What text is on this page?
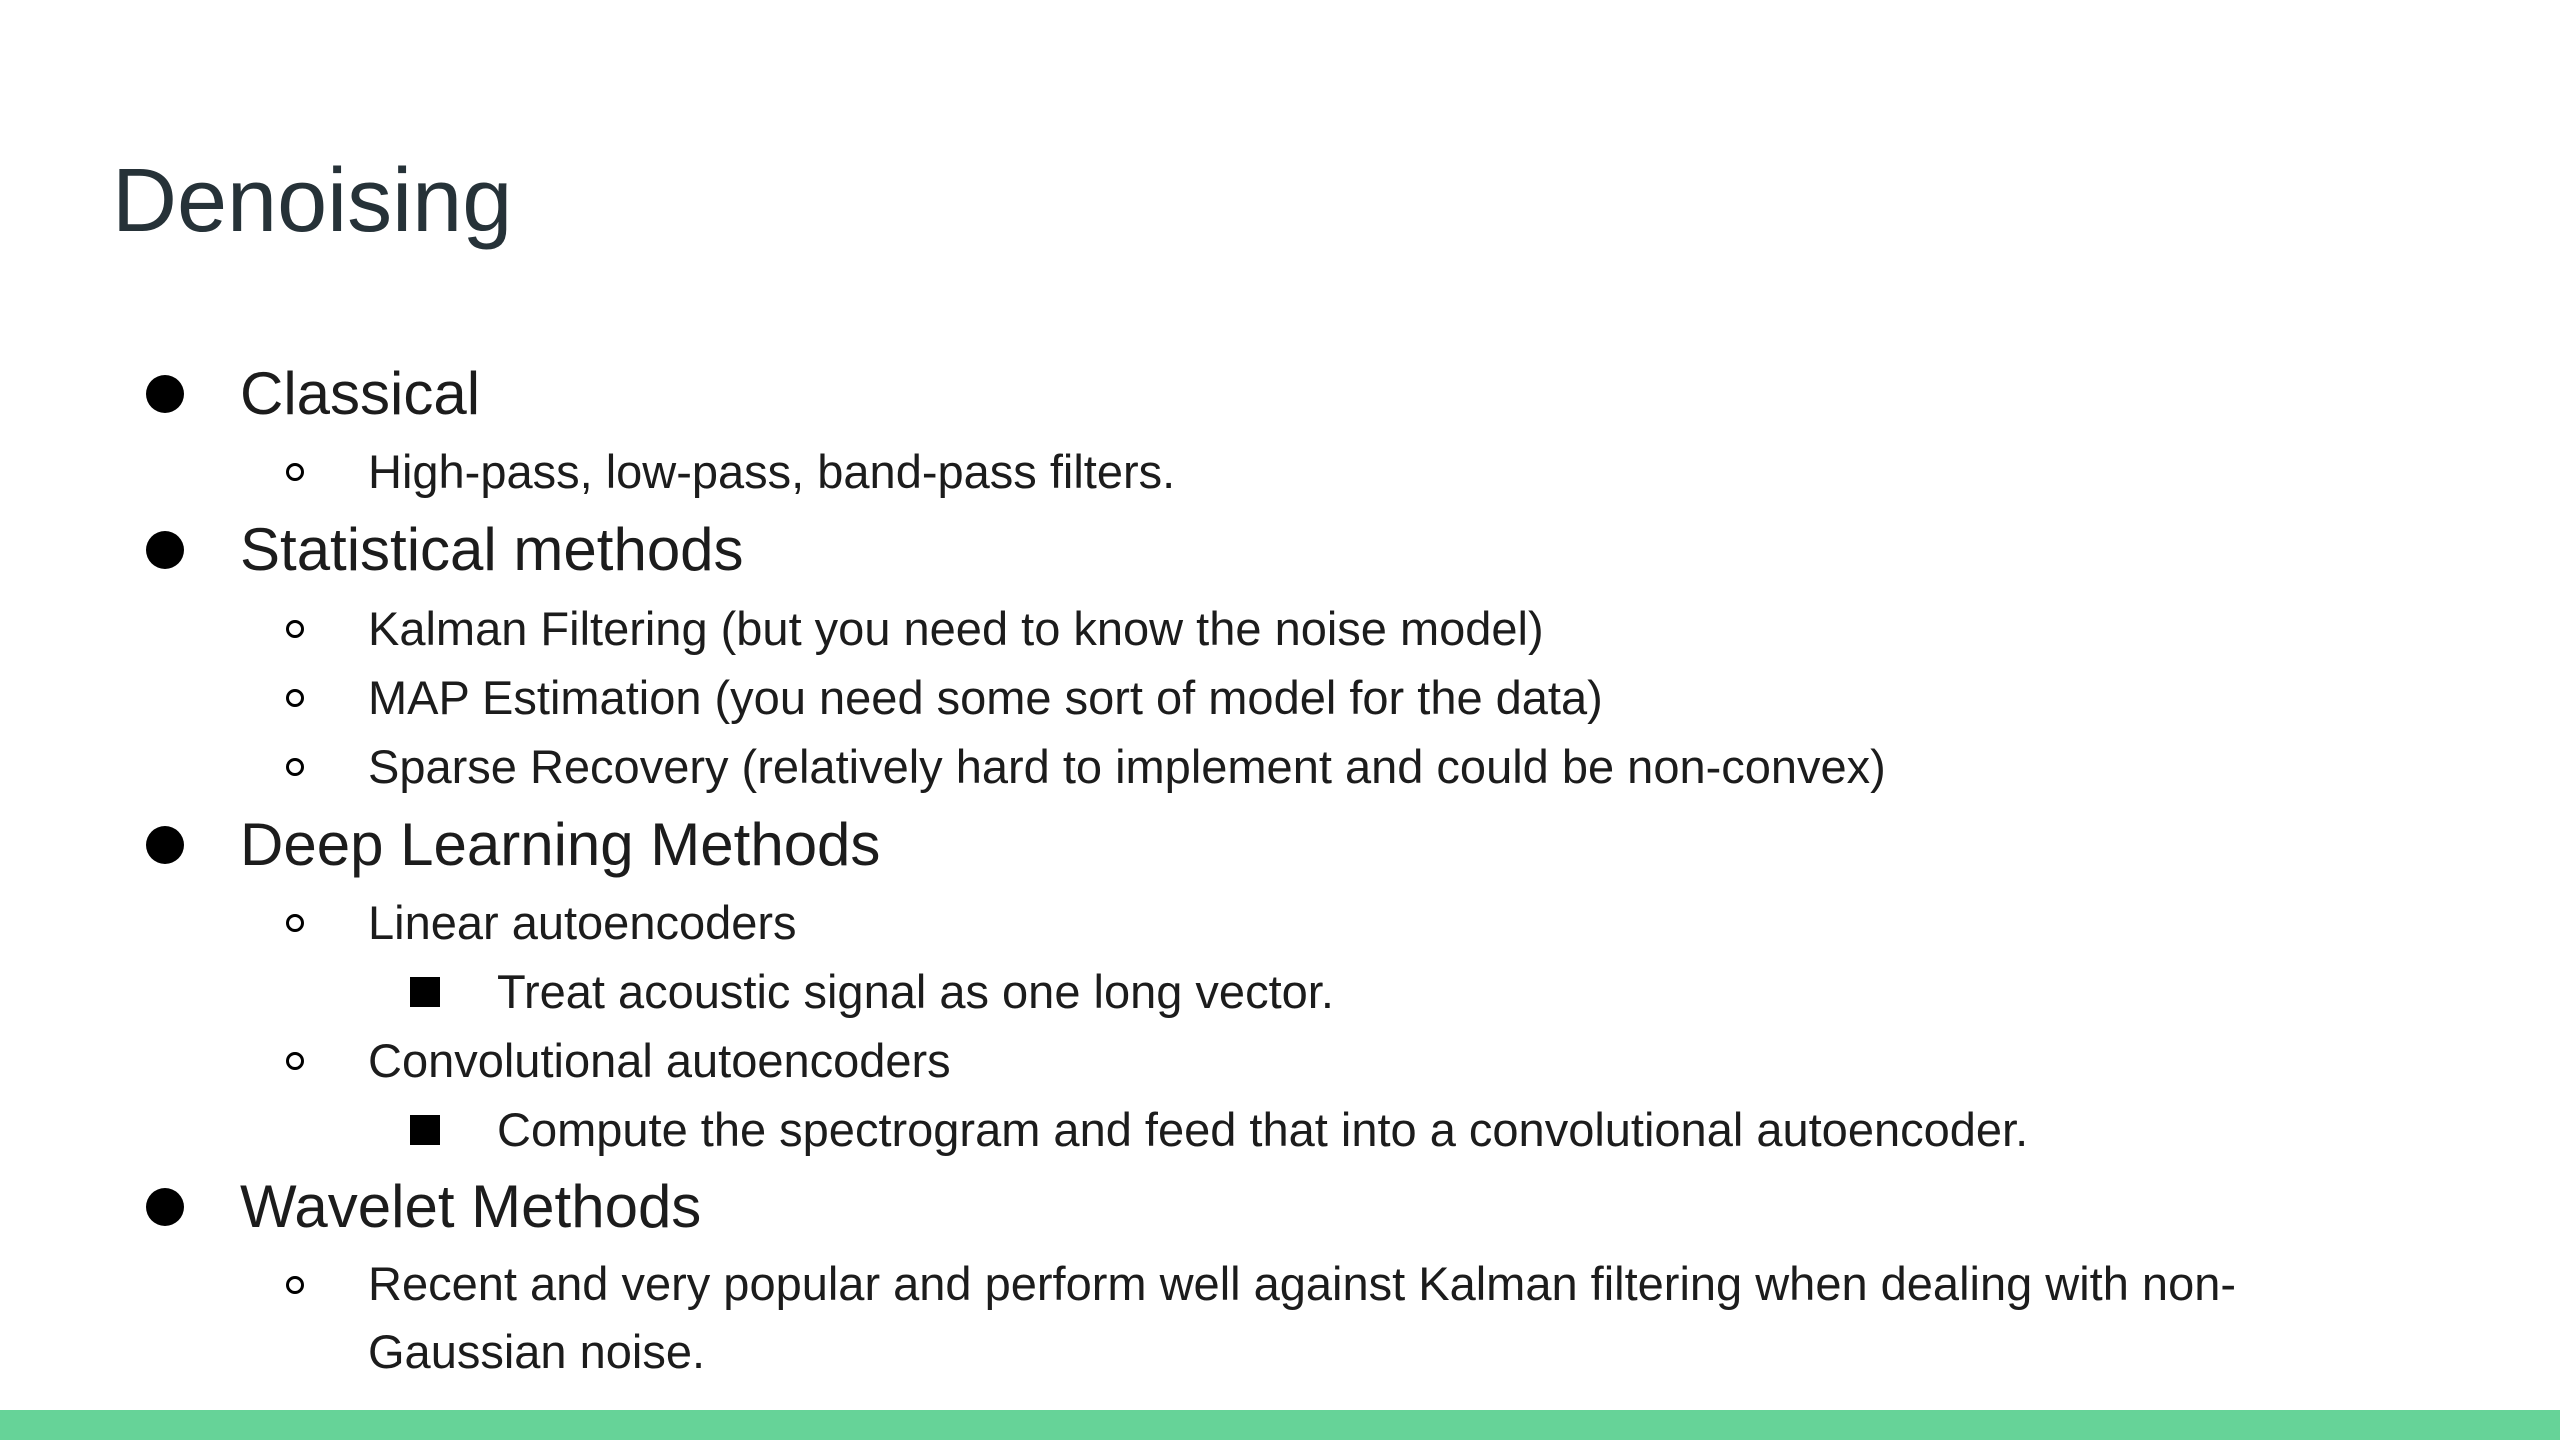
Denoising
Classical
High-pass, low-pass, band-pass filters.
Statistical methods
Kalman Filtering (but you need to know the noise model)
MAP Estimation (you need some sort of model for the data)
Sparse Recovery (relatively hard to implement and could be non-convex)
Deep Learning Methods
Linear autoencoders
Treat acoustic signal as one long vector.
Convolutional autoencoders
Compute the spectrogram and feed that into a convolutional autoencoder.
Wavelet Methods
Recent and very popular and perform well against Kalman filtering when dealing with non-Gaussian noise.
